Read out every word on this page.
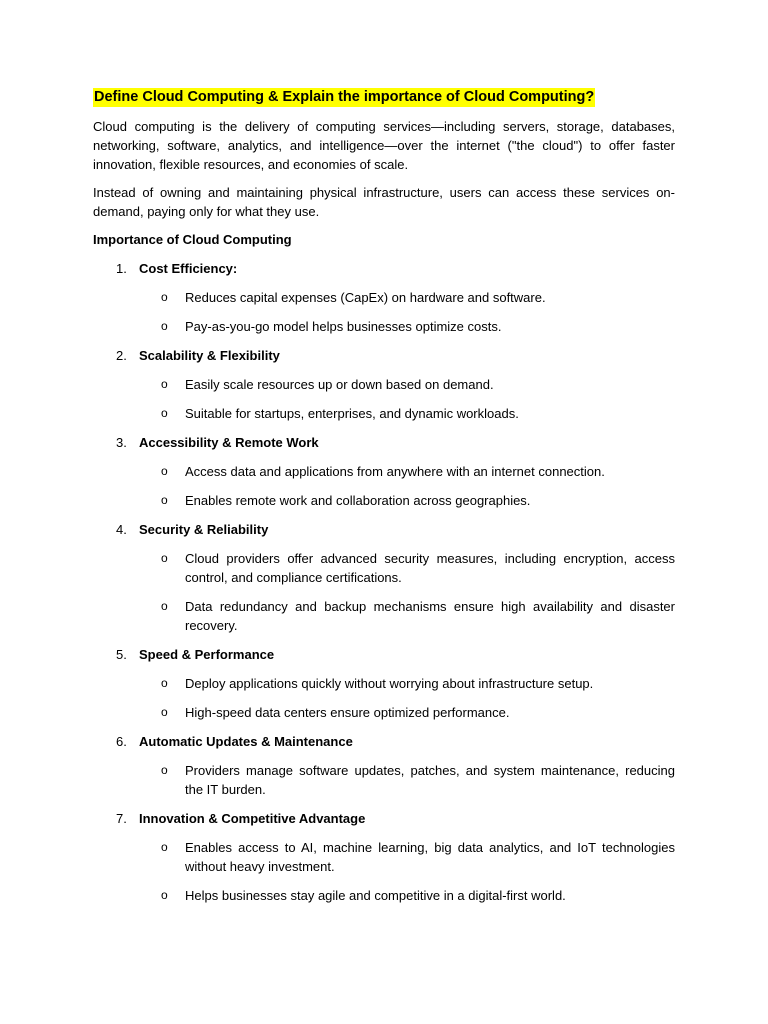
Define Cloud Computing & Explain the importance of Cloud Computing?

Cloud computing is the delivery of computing services—including servers, storage, databases, networking, software, analytics, and intelligence—over the internet ("the cloud") to offer faster innovation, flexible resources, and economies of scale.

Instead of owning and maintaining physical infrastructure, users can access these services on-demand, paying only for what they use.

Importance of Cloud Computing
1. Cost Efficiency:
o Reduces capital expenses (CapEx) on hardware and software.
o Pay-as-you-go model helps businesses optimize costs.
2. Scalability & Flexibility
o Easily scale resources up or down based on demand.
o Suitable for startups, enterprises, and dynamic workloads.
3. Accessibility & Remote Work
o Access data and applications from anywhere with an internet connection.
o Enables remote work and collaboration across geographies.
4. Security & Reliability
o Cloud providers offer advanced security measures, including encryption, access control, and compliance certifications.
o Data redundancy and backup mechanisms ensure high availability and disaster recovery.
5. Speed & Performance
o Deploy applications quickly without worrying about infrastructure setup.
o High-speed data centers ensure optimized performance.
6. Automatic Updates & Maintenance
o Providers manage software updates, patches, and system maintenance, reducing the IT burden.
7. Innovation & Competitive Advantage
o Enables access to AI, machine learning, big data analytics, and IoT technologies without heavy investment.
o Helps businesses stay agile and competitive in a digital-first world.
